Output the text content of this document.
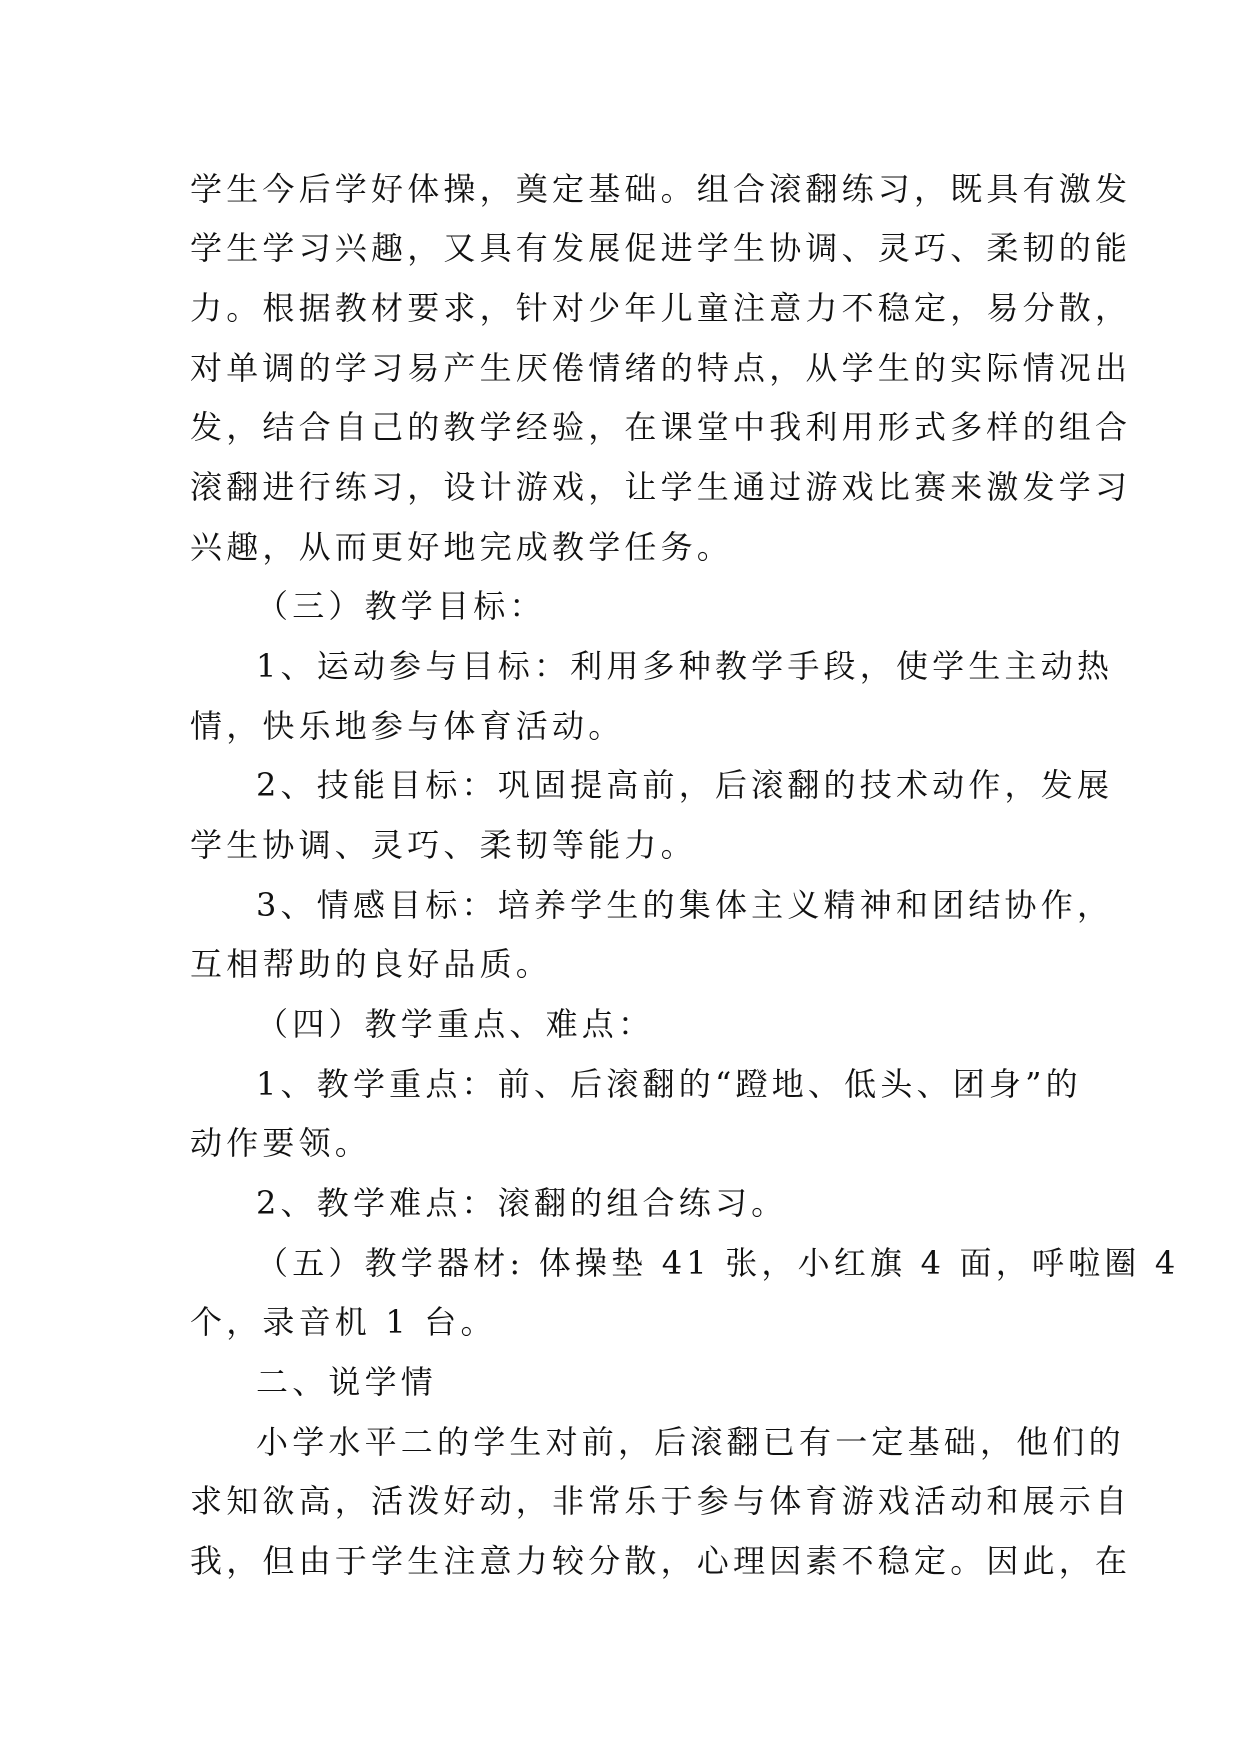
学生今后学好体操，奠定基础。组合滚翻练习，既具有激发
学生学习兴趣，又具有发展促进学生协调、灵巧、柔韧的能
力。根据教材要求，针对少年儿童注意力不稳定，易分散，
对单调的学习易产生厌倦情绪的特点，从学生的实际情况出
发，结合自己的教学经验，在课堂中我利用形式多样的组合
滚翻进行练习，设计游戏，让学生通过游戏比赛来激发学习
兴趣，从而更好地完成教学任务。
（三）教学目标：
1、运动参与目标：利用多种教学手段，使学生主动热
情，快乐地参与体育活动。
2、技能目标：巩固提高前，后滚翻的技术动作，发展
学生协调、灵巧、柔韧等能力。
3、情感目标：培养学生的集体主义精神和团结协作，
互相帮助的良好品质。
（四）教学重点、难点：
1、教学重点：前、后滚翻的“蹬地、低头、团身”的
动作要领。
2、教学难点：滚翻的组合练习。
（五）教学器材: 体操垫 41 张，小红旗 4 面，呼啦圈 4
个，录音机 1 台。
二、说学情
小学水平二的学生对前，后滚翻已有一定基础，他们的
求知欲高，活泼好动，非常乐于参与体育游戏活动和展示自
我，但由于学生注意力较分散，心理因素不稳定。因此，在
